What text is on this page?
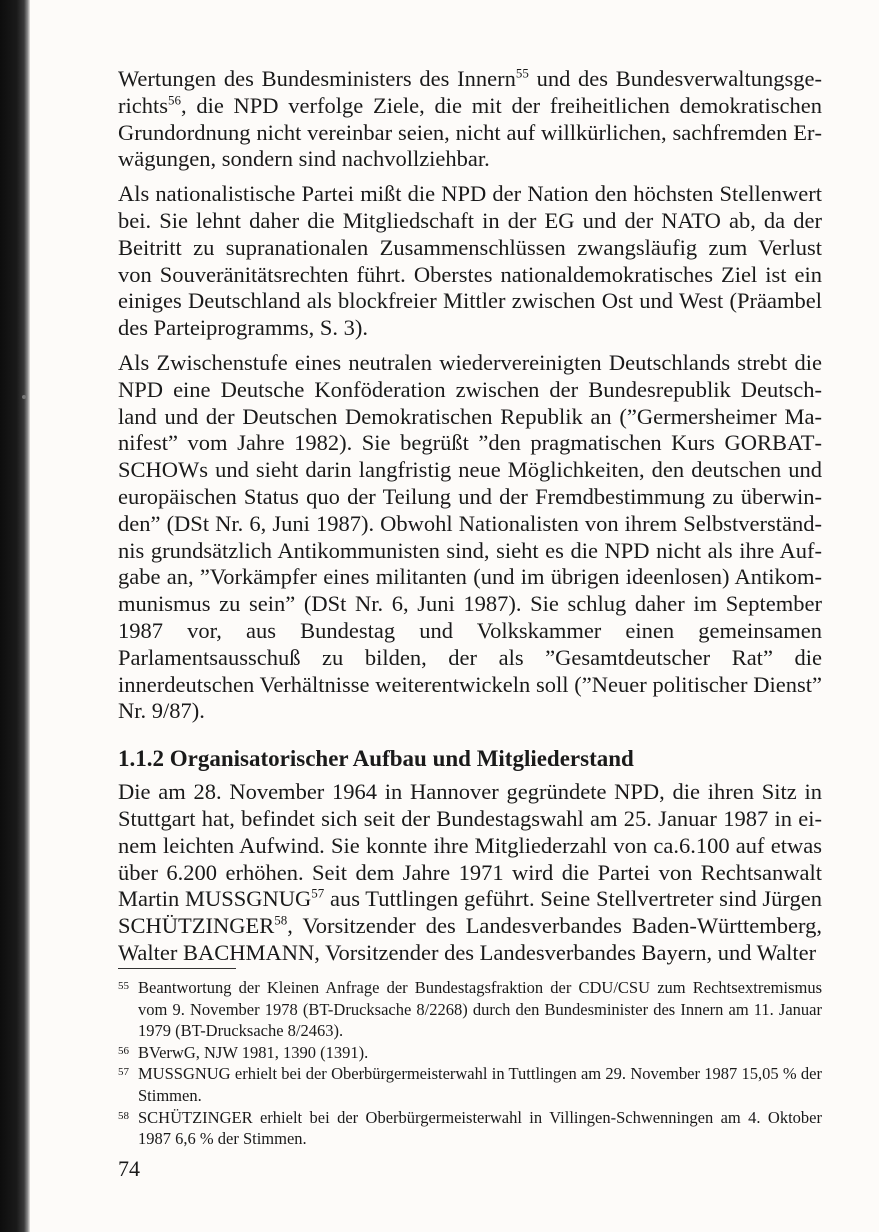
Wertungen des Bundesministers des Innern$^{55}$ und des Bundesverwaltungsgerichts$^{56}$, die NPD verfolge Ziele, die mit der freiheitlichen demokratischen Grundordnung nicht vereinbar seien, nicht auf willkürlichen, sachfremden Erwägungen, sondern sind nachvollziehbar.

Als nationalistische Partei mißt die NPD der Nation den höchsten Stellenwert bei. Sie lehnt daher die Mitgliedschaft in der EG und der NATO ab, da der Beitritt zu supranationalen Zusammenschlüssen zwangsläufig zum Verlust von Souveränitätsrechten führt. Oberstes nationaldemokratisches Ziel ist ein einiges Deutschland als blockfreier Mittler zwischen Ost und West (Präambel des Parteiprogramms, S. 3).

Als Zwischenstufe eines neutralen wiedervereinigten Deutschlands strebt die NPD eine Deutsche Konföderation zwischen der Bundesrepublik Deutschland und der Deutschen Demokratischen Republik an (”Germersheimer Manifest” vom Jahre 1982). Sie begrüßt ”den pragmatischen Kurs GORBATSCHOWs und sieht darin langfristig neue Möglichkeiten, den deutschen und europäischen Status quo der Teilung und der Fremdbestimmung zu überwinden” (DSt Nr. 6, Juni 1987). Obwohl Nationalisten von ihrem Selbstverständnis grundsätzlich Antikommunisten sind, sieht es die NPD nicht als ihre Aufgabe an, ”Vorkämpfer eines militanten (und im übrigen ideenlosen) Antikommunismus zu sein” (DSt Nr. 6, Juni 1987). Sie schlug daher im September 1987 vor, aus Bundestag und Volkskammer einen gemeinsamen Parlamentsausschuß zu bilden, der als ”Gesamtdeutscher Rat” die innerdeutschen Verhältnisse weiterentwickeln soll (”Neuer politischer Dienst” Nr. 9/87).

1.1.2 Organisatorischer Aufbau und Mitgliederstand

Die am 28. November 1964 in Hannover gegründete NPD, die ihren Sitz in Stuttgart hat, befindet sich seit der Bundestagswahl am 25. Januar 1987 in einem leichten Aufwind. Sie konnte ihre Mitgliederzahl von ca.6.100 auf etwas über 6.200 erhöhen. Seit dem Jahre 1971 wird die Partei von Rechtsanwalt Martin MUSSGNUG$^{57}$ aus Tuttlingen geführt. Seine Stellvertreter sind Jürgen SCHÜTZINGER$^{58}$, Vorsitzender des Landesverbandes Baden-Württemberg, Walter BACHMANN, Vorsitzender des Landesverbandes Bayern, und Walter

55 Beantwortung der Kleinen Anfrage der Bundestagsfraktion der CDU/CSU zum Rechtsextremismus vom 9. November 1978 (BT-Drucksache 8/2268) durch den Bundesminister des Innern am 11. Januar 1979 (BT-Drucksache 8/2463).
56 BVerwG, NJW 1981, 1390 (1391).
57 MUSSGNUG erhielt bei der Oberbürgermeisterwahl in Tuttlingen am 29. November 1987 15,05 % der Stimmen.
58 SCHÜTZINGER erhielt bei der Oberbürgermeisterwahl in Villingen-Schwenningen am 4. Oktober 1987 6,6 % der Stimmen.
74
